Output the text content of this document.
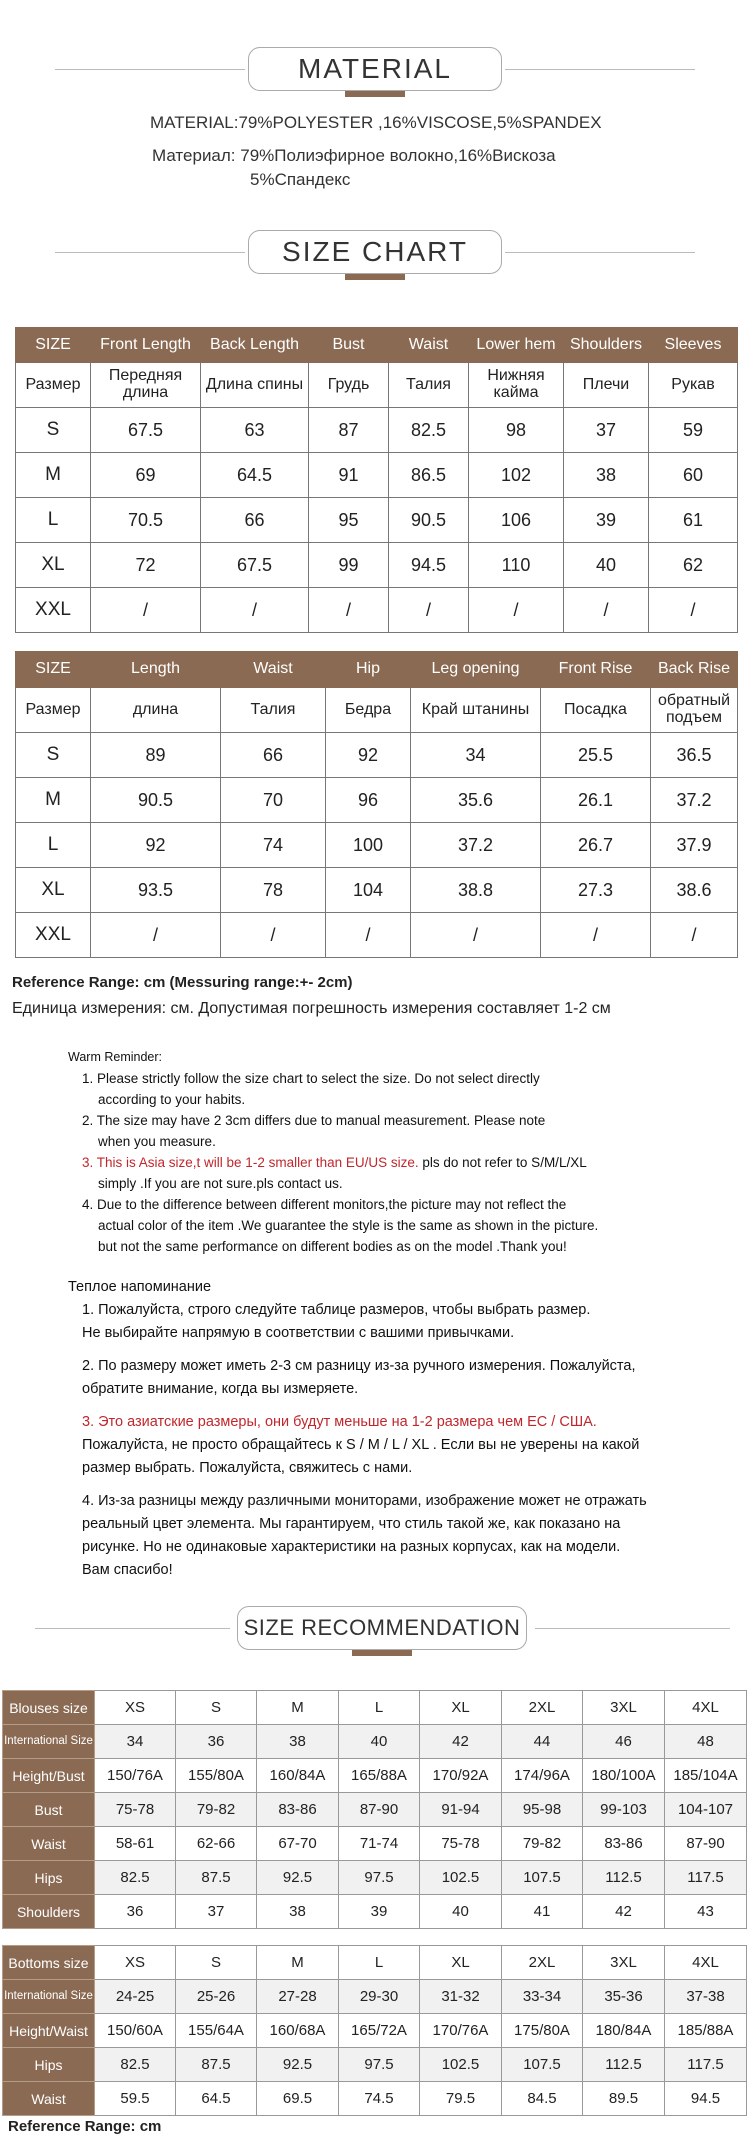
MATERIAL
MATERIAL:79%POLYESTER ,16%VISCOSE,5%SPANDEX
Материал: 79%Полиэфирное волокно,16%Вискоза
5%Спандекс
SIZE CHART
SIZE	Front Length	Back Length	Bust	Waist	Lower hem	Shoulders	Sleeves
Размер	Передняя длина	Длина спины	Грудь	Талия	Нижняя кайма	Плечи	Рукав
S	67.5	63	87	82.5	98	37	59
M	69	64.5	91	86.5	102	38	60
L	70.5	66	95	90.5	106	39	61
XL	72	67.5	99	94.5	110	40	62
XXL	/	/	/	/	/	/	/
SIZE	Length	Waist	Hip	Leg opening	Front Rise	Back Rise
Размер	длина	Талия	Бедра	Край штанины	Посадка	обратный подъем
S	89	66	92	34	25.5	36.5
M	90.5	70	96	35.6	26.1	37.2
L	92	74	100	37.2	26.7	37.9
XL	93.5	78	104	38.8	27.3	38.6
XXL	/	/	/	/	/	/
Reference Range: cm (Messuring range:+- 2cm)
Единица измерения: см. Допустимая погрешность измерения составляет 1-2 см
Warm Reminder:
1. Please strictly follow the size chart to select the size. Do not select directly
according to your habits.
2. The size may have 2 3cm differs due to manual measurement. Please note
when you measure.
3. This is Asia size,t will be 1-2 smaller than EU/US size. pls do not refer to S/M/L/XL
simply .If you are not sure.pls contact us.
4. Due to the difference between different monitors,the picture may not reflect the
actual color of the item .We guarantee the style is the same as shown in the picture.
but not the same performance on different bodies as on the model .Thank you!
Теплое напоминание
1. Пожалуйста, строго следуйте таблице размеров, чтобы выбрать размер.
Не выбирайте напрямую в соответствии с вашими привычками.
2. По размеру может иметь 2-3 см разницу из-за ручного измерения. Пожалуйста,
обратите внимание, когда вы измеряете.
3. Это азиатские размеры, они будут меньше на 1-2 размера чем ЕС / США.
Пожалуйста, не просто обращайтесь к S / M / L / XL . Если вы не уверены на какой
размер выбрать. Пожалуйста, свяжитесь с нами.
4. Из-за разницы между различными мониторами, изображение может не отражать
реальный цвет элемента. Мы гарантируем, что стиль такой же, как показано на
рисунке. Но не одинаковые характеристики на разных корпусах, как на модели.
Вам спасибо!
SIZE RECOMMENDATION
Blouses size	XS	S	M	L	XL	2XL	3XL	4XL
International Size	34	36	38	40	42	44	46	48
Height/Bust	150/76A	155/80A	160/84A	165/88A	170/92A	174/96A	180/100A	185/104A
Bust	75-78	79-82	83-86	87-90	91-94	95-98	99-103	104-107
Waist	58-61	62-66	67-70	71-74	75-78	79-82	83-86	87-90
Hips	82.5	87.5	92.5	97.5	102.5	107.5	112.5	117.5
Shoulders	36	37	38	39	40	41	42	43
Bottoms size	XS	S	M	L	XL	2XL	3XL	4XL
International Size	24-25	25-26	27-28	29-30	31-32	33-34	35-36	37-38
Height/Waist	150/60A	155/64A	160/68A	165/72A	170/76A	175/80A	180/84A	185/88A
Hips	82.5	87.5	92.5	97.5	102.5	107.5	112.5	117.5
Waist	59.5	64.5	69.5	74.5	79.5	84.5	89.5	94.5
Reference Range: cm
